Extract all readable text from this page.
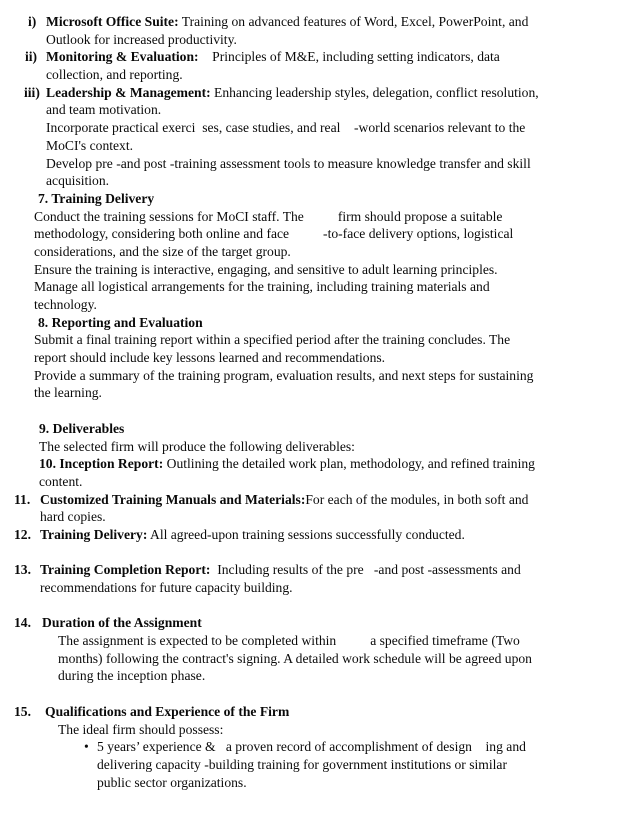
i) Microsoft Office Suite: Training on advanced features of Word, Excel, PowerPoint, and
Outlook for increased productivity.
ii) Monitoring & Evaluation:    Principles of M&E, including setting indicators, data
collection, and reporting.
iii) Leadership & Management: Enhancing leadership styles, delegation, conflict resolution,
and team motivation.
Incorporate practical exerci  ses, case studies, and real    -world scenarios relevant to the
MoCI's context.
Develop pre -and post -training assessment tools to measure knowledge transfer and skill
acquisition.
7. Training Delivery
Conduct the training sessions for MoCI staff. The          firm should propose a suitable
methodology, considering both online and face          -to-face delivery options, logistical
considerations, and the size of the target group.
Ensure the training is interactive, engaging, and sensitive to adult learning principles.
Manage all logistical arrangements for the training, including training materials and
technology.
8. Reporting and Evaluation
Submit a final training report within a specified period after the training concludes. The
report should include key lessons learned and recommendations.
Provide a summary of the training program, evaluation results, and next steps for sustaining
the learning.
9. Deliverables
The selected firm will produce the following deliverables:
10. Inception Report: Outlining the detailed work plan, methodology, and refined training
content.
11. Customized Training Manuals and Materials:For each of the modules, in both soft and
hard copies.
12. Training Delivery: All agreed-upon training sessions successfully conducted.
13. Training Completion Report:  Including results of the pre   -and post -assessments and
recommendations for future capacity building.
14. Duration of the Assignment
The assignment is expected to be completed within          a specified timeframe (Two
months) following the contract's signing. A detailed work schedule will be agreed upon
during the inception phase.
15. Qualifications and Experience of the Firm
The ideal firm should possess:
• 5 years’ experience &   a proven record of accomplishment of design    ing and
delivering capacity -building training for government institutions or similar
public sector organizations.
